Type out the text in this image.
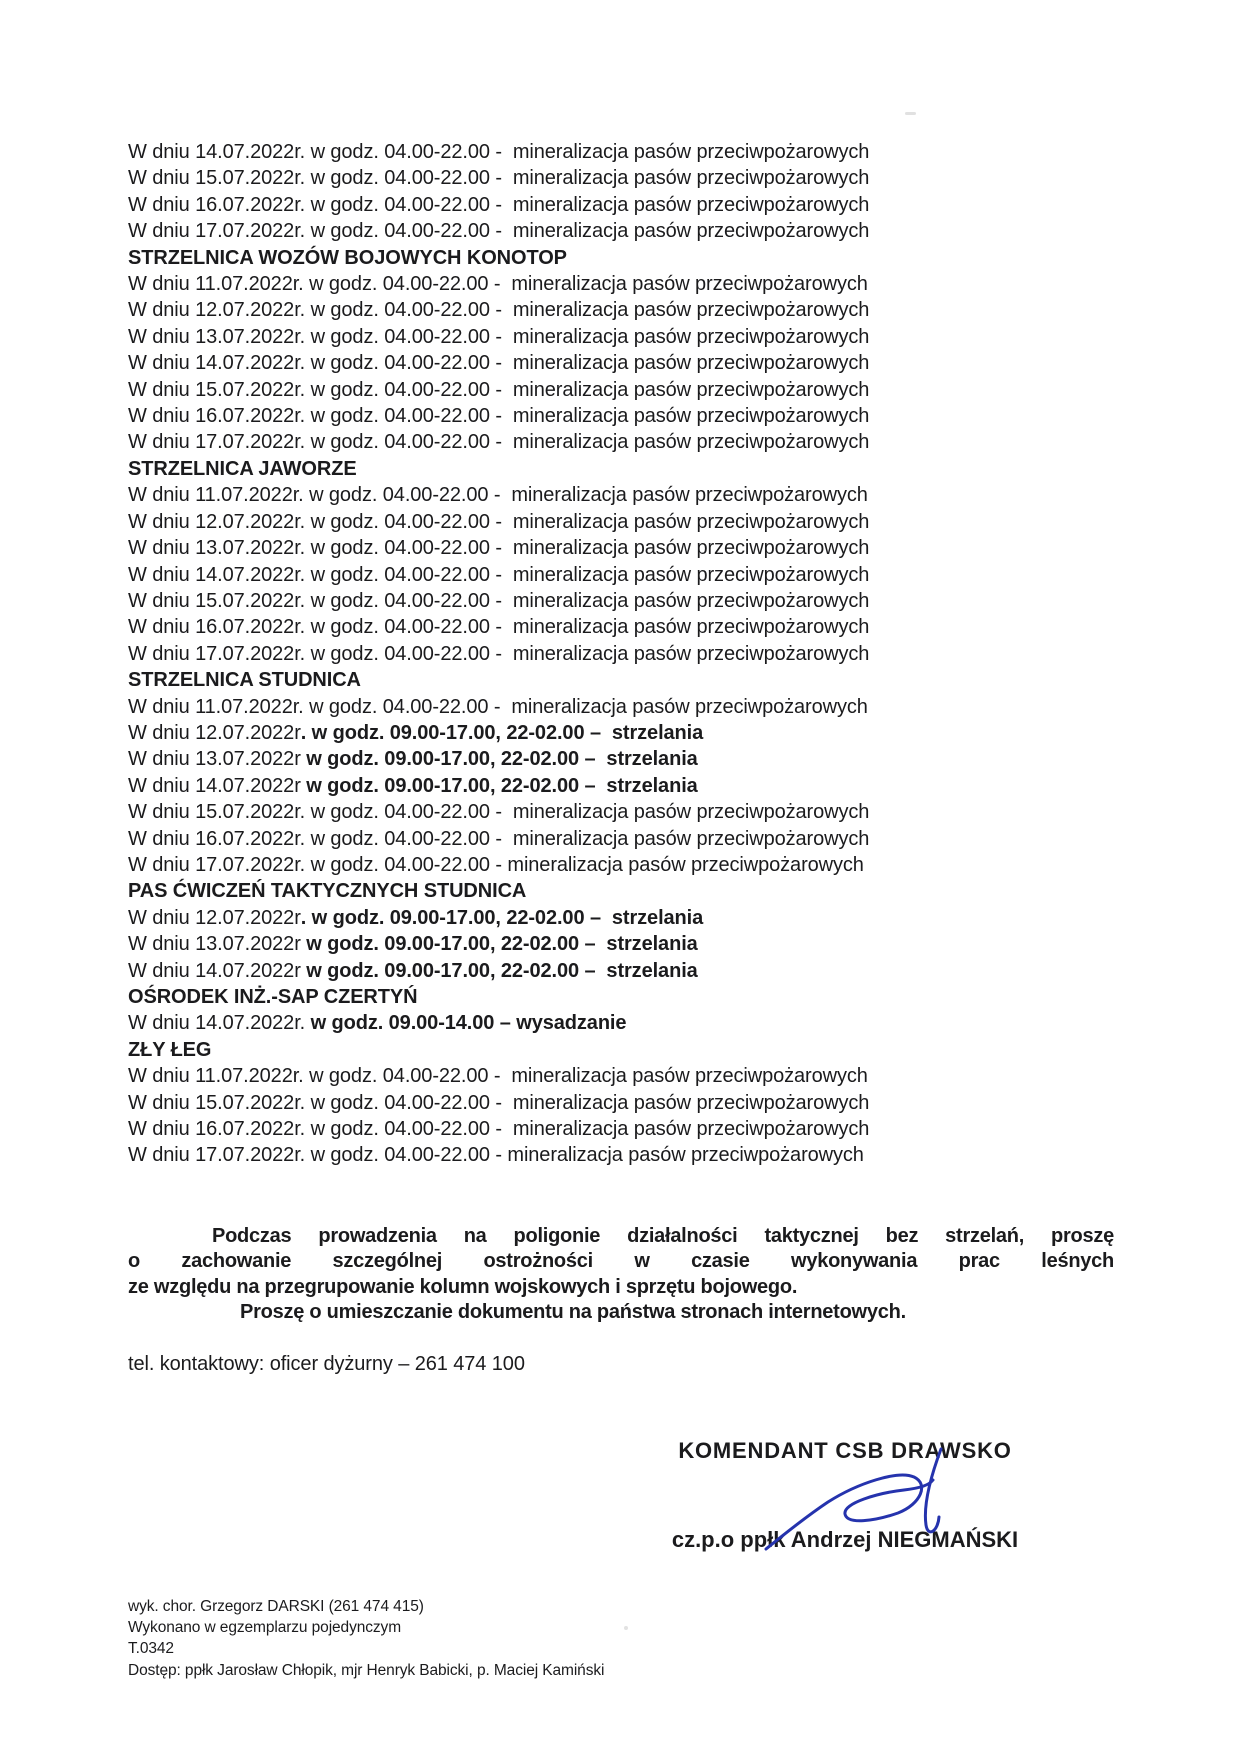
W dniu 14.07.2022r. w godz. 04.00-22.00 -  mineralizacja pasów przeciwpożarowych
W dniu 15.07.2022r. w godz. 04.00-22.00 -  mineralizacja pasów przeciwpożarowych
W dniu 16.07.2022r. w godz. 04.00-22.00 -  mineralizacja pasów przeciwpożarowych
W dniu 17.07.2022r. w godz. 04.00-22.00 -  mineralizacja pasów przeciwpożarowych
STRZELNICA WOZÓW BOJOWYCH KONOTOP
W dniu 11.07.2022r. w godz. 04.00-22.00 -  mineralizacja pasów przeciwpożarowych
W dniu 12.07.2022r. w godz. 04.00-22.00 -  mineralizacja pasów przeciwpożarowych
W dniu 13.07.2022r. w godz. 04.00-22.00 -  mineralizacja pasów przeciwpożarowych
W dniu 14.07.2022r. w godz. 04.00-22.00 -  mineralizacja pasów przeciwpożarowych
W dniu 15.07.2022r. w godz. 04.00-22.00 -  mineralizacja pasów przeciwpożarowych
W dniu 16.07.2022r. w godz. 04.00-22.00 -  mineralizacja pasów przeciwpożarowych
W dniu 17.07.2022r. w godz. 04.00-22.00 -  mineralizacja pasów przeciwpożarowych
STRZELNICA JAWORZE
W dniu 11.07.2022r. w godz. 04.00-22.00 -  mineralizacja pasów przeciwpożarowych
W dniu 12.07.2022r. w godz. 04.00-22.00 -  mineralizacja pasów przeciwpożarowych
W dniu 13.07.2022r. w godz. 04.00-22.00 -  mineralizacja pasów przeciwpożarowych
W dniu 14.07.2022r. w godz. 04.00-22.00 -  mineralizacja pasów przeciwpożarowych
W dniu 15.07.2022r. w godz. 04.00-22.00 -  mineralizacja pasów przeciwpożarowych
W dniu 16.07.2022r. w godz. 04.00-22.00 -  mineralizacja pasów przeciwpożarowych
W dniu 17.07.2022r. w godz. 04.00-22.00 -  mineralizacja pasów przeciwpożarowych
STRZELNICA STUDNICA
W dniu 11.07.2022r. w godz. 04.00-22.00 -  mineralizacja pasów przeciwpożarowych
W dniu 12.07.2022r. w godz. 09.00-17.00, 22-02.00 –  strzelania
W dniu 13.07.2022r w godz. 09.00-17.00, 22-02.00 –  strzelania
W dniu 14.07.2022r w godz. 09.00-17.00, 22-02.00 –  strzelania
W dniu 15.07.2022r. w godz. 04.00-22.00 -  mineralizacja pasów przeciwpożarowych
W dniu 16.07.2022r. w godz. 04.00-22.00 -  mineralizacja pasów przeciwpożarowych
W dniu 17.07.2022r. w godz. 04.00-22.00 - mineralizacja pasów przeciwpożarowych
PAS ĆWICZEŃ TAKTYCZNYCH STUDNICA
W dniu 12.07.2022r. w godz. 09.00-17.00, 22-02.00 –  strzelania
W dniu 13.07.2022r w godz. 09.00-17.00, 22-02.00 –  strzelania
W dniu 14.07.2022r w godz. 09.00-17.00, 22-02.00 –  strzelania
OŚRODEK INŻ.-SAP CZERTYŃ
W dniu 14.07.2022r. w godz. 09.00-14.00 – wysadzanie
ZŁY ŁEG
W dniu 11.07.2022r. w godz. 04.00-22.00 -  mineralizacja pasów przeciwpożarowych
W dniu 15.07.2022r. w godz. 04.00-22.00 -  mineralizacja pasów przeciwpożarowych
W dniu 16.07.2022r. w godz. 04.00-22.00 -  mineralizacja pasów przeciwpożarowych
W dniu 17.07.2022r. w godz. 04.00-22.00 - mineralizacja pasów przeciwpożarowych
Podczas prowadzenia na poligonie działalności taktycznej bez strzelań, proszę
o zachowanie szczególnej ostrożności w czasie wykonywania prac leśnych
ze względu na przegrupowanie kolumn wojskowych i sprzętu bojowego.
Proszę o umieszczanie dokumentu na państwa stronach internetowych.
tel. kontaktowy: oficer dyżurny – 261 474 100
KOMENDANT CSB DRAWSKO
cz.p.o ppłk Andrzej NIEGMAŃSKI
wyk. chor. Grzegorz DARSKI (261 474 415)
Wykonano w egzemplarzu pojedynczym
T.0342
Dostęp: ppłk Jarosław Chłopik, mjr Henryk Babicki, p. Maciej Kamiński
